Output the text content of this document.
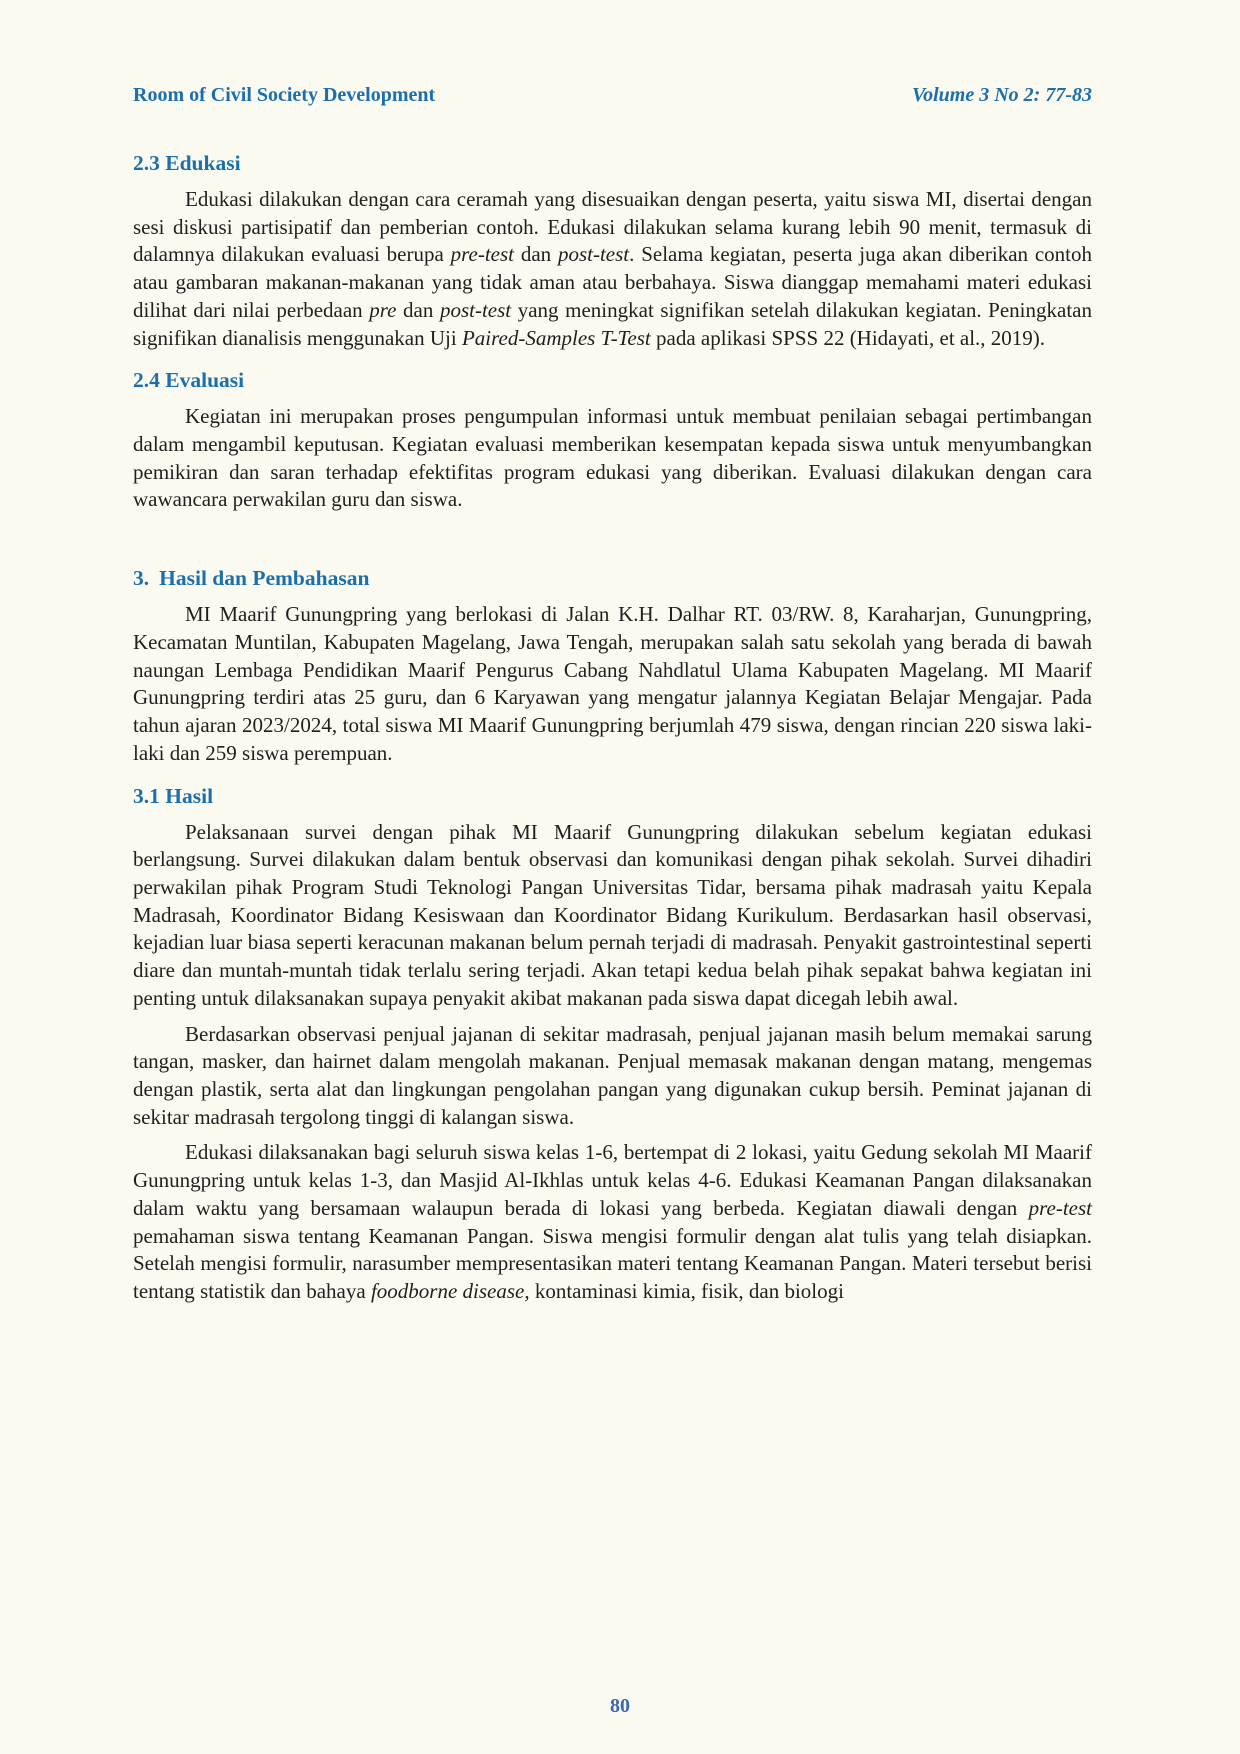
Room of Civil Society Development	Volume 3 No 2: 77-83
2.3 Edukasi

Edukasi dilakukan dengan cara ceramah yang disesuaikan dengan peserta, yaitu siswa MI, disertai dengan sesi diskusi partisipatif dan pemberian contoh. Edukasi dilakukan selama kurang lebih 90 menit, termasuk di dalamnya dilakukan evaluasi berupa pre-test dan post-test. Selama kegiatan, peserta juga akan diberikan contoh atau gambaran makanan-makanan yang tidak aman atau berbahaya. Siswa dianggap memahami materi edukasi dilihat dari nilai perbedaan pre dan post-test yang meningkat signifikan setelah dilakukan kegiatan. Peningkatan signifikan dianalisis menggunakan Uji Paired-Samples T-Test pada aplikasi SPSS 22 (Hidayati, et al., 2019).

2.4 Evaluasi

Kegiatan ini merupakan proses pengumpulan informasi untuk membuat penilaian sebagai pertimbangan dalam mengambil keputusan. Kegiatan evaluasi memberikan kesempatan kepada siswa untuk menyumbangkan pemikiran dan saran terhadap efektifitas program edukasi yang diberikan. Evaluasi dilakukan dengan cara wawancara perwakilan guru dan siswa.

3. Hasil dan Pembahasan

MI Maarif Gunungpring yang berlokasi di Jalan K.H. Dalhar RT. 03/RW. 8, Karaharjan, Gunungpring, Kecamatan Muntilan, Kabupaten Magelang, Jawa Tengah, merupakan salah satu sekolah yang berada di bawah naungan Lembaga Pendidikan Maarif Pengurus Cabang Nahdlatul Ulama Kabupaten Magelang. MI Maarif Gunungpring terdiri atas 25 guru, dan 6 Karyawan yang mengatur jalannya Kegiatan Belajar Mengajar. Pada tahun ajaran 2023/2024, total siswa MI Maarif Gunungpring berjumlah 479 siswa, dengan rincian 220 siswa laki-laki dan 259 siswa perempuan.

3.1 Hasil

Pelaksanaan survei dengan pihak MI Maarif Gunungpring dilakukan sebelum kegiatan edukasi berlangsung. Survei dilakukan dalam bentuk observasi dan komunikasi dengan pihak sekolah. Survei dihadiri perwakilan pihak Program Studi Teknologi Pangan Universitas Tidar, bersama pihak madrasah yaitu Kepala Madrasah, Koordinator Bidang Kesiswaan dan Koordinator Bidang Kurikulum. Berdasarkan hasil observasi, kejadian luar biasa seperti keracunan makanan belum pernah terjadi di madrasah. Penyakit gastrointestinal seperti diare dan muntah-muntah tidak terlalu sering terjadi. Akan tetapi kedua belah pihak sepakat bahwa kegiatan ini penting untuk dilaksanakan supaya penyakit akibat makanan pada siswa dapat dicegah lebih awal.

Berdasarkan observasi penjual jajanan di sekitar madrasah, penjual jajanan masih belum memakai sarung tangan, masker, dan hairnet dalam mengolah makanan. Penjual memasak makanan dengan matang, mengemas dengan plastik, serta alat dan lingkungan pengolahan pangan yang digunakan cukup bersih. Peminat jajanan di sekitar madrasah tergolong tinggi di kalangan siswa.

Edukasi dilaksanakan bagi seluruh siswa kelas 1-6, bertempat di 2 lokasi, yaitu Gedung sekolah MI Maarif Gunungpring untuk kelas 1-3, dan Masjid Al-Ikhlas untuk kelas 4-6. Edukasi Keamanan Pangan dilaksanakan dalam waktu yang bersamaan walaupun berada di lokasi yang berbeda. Kegiatan diawali dengan pre-test pemahaman siswa tentang Keamanan Pangan. Siswa mengisi formulir dengan alat tulis yang telah disiapkan. Setelah mengisi formulir, narasumber mempresentasikan materi tentang Keamanan Pangan. Materi tersebut berisi tentang statistik dan bahaya foodborne disease, kontaminasi kimia, fisik, dan biologi

80
